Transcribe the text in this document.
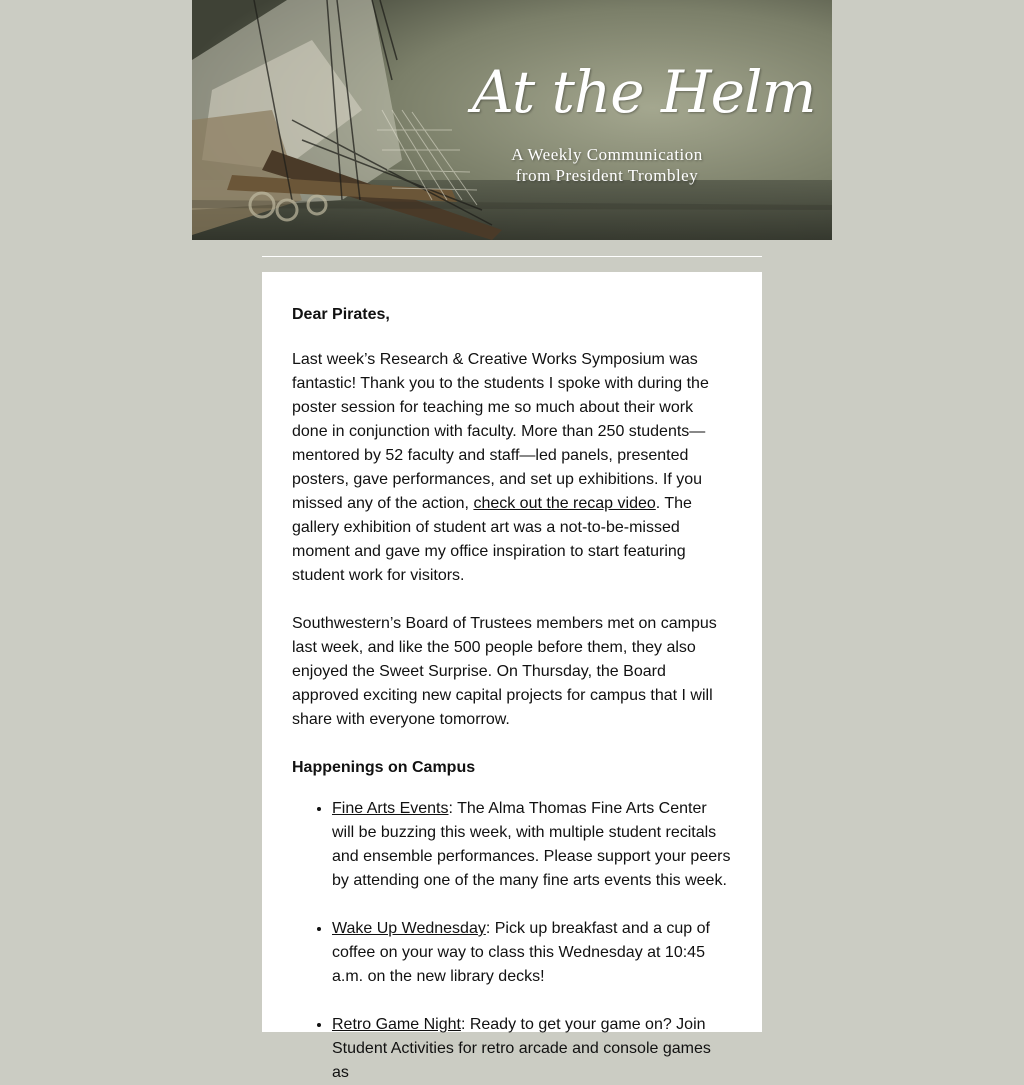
At the Helm
A Weekly Communication
from President Trombley

Dear Pirates,

Last week’s Research & Creative Works Symposium was fantastic! Thank you to the students I spoke with during the poster session for teaching me so much about their work done in conjunction with faculty. More than 250 students—mentored by 52 faculty and staff—led panels, presented posters, gave performances, and set up exhibitions. If you missed any of the action, check out the recap video. The gallery exhibition of student art was a not-to-be-missed moment and gave my office inspiration to start featuring student work for visitors.

Southwestern’s Board of Trustees members met on campus last week, and like the 500 people before them, they also enjoyed the Sweet Surprise. On Thursday, the Board approved exciting new capital projects for campus that I will share with everyone tomorrow.

Happenings on Campus

• Fine Arts Events: The Alma Thomas Fine Arts Center will be buzzing this week, with multiple student recitals and ensemble performances. Please support your peers by attending one of the many fine arts events this week.
• Wake Up Wednesday: Pick up breakfast and a cup of coffee on your way to class this Wednesday at 10:45 a.m. on the new library decks!
• Retro Game Night: Ready to get your game on? Join Student Activities for retro arcade and console games as
